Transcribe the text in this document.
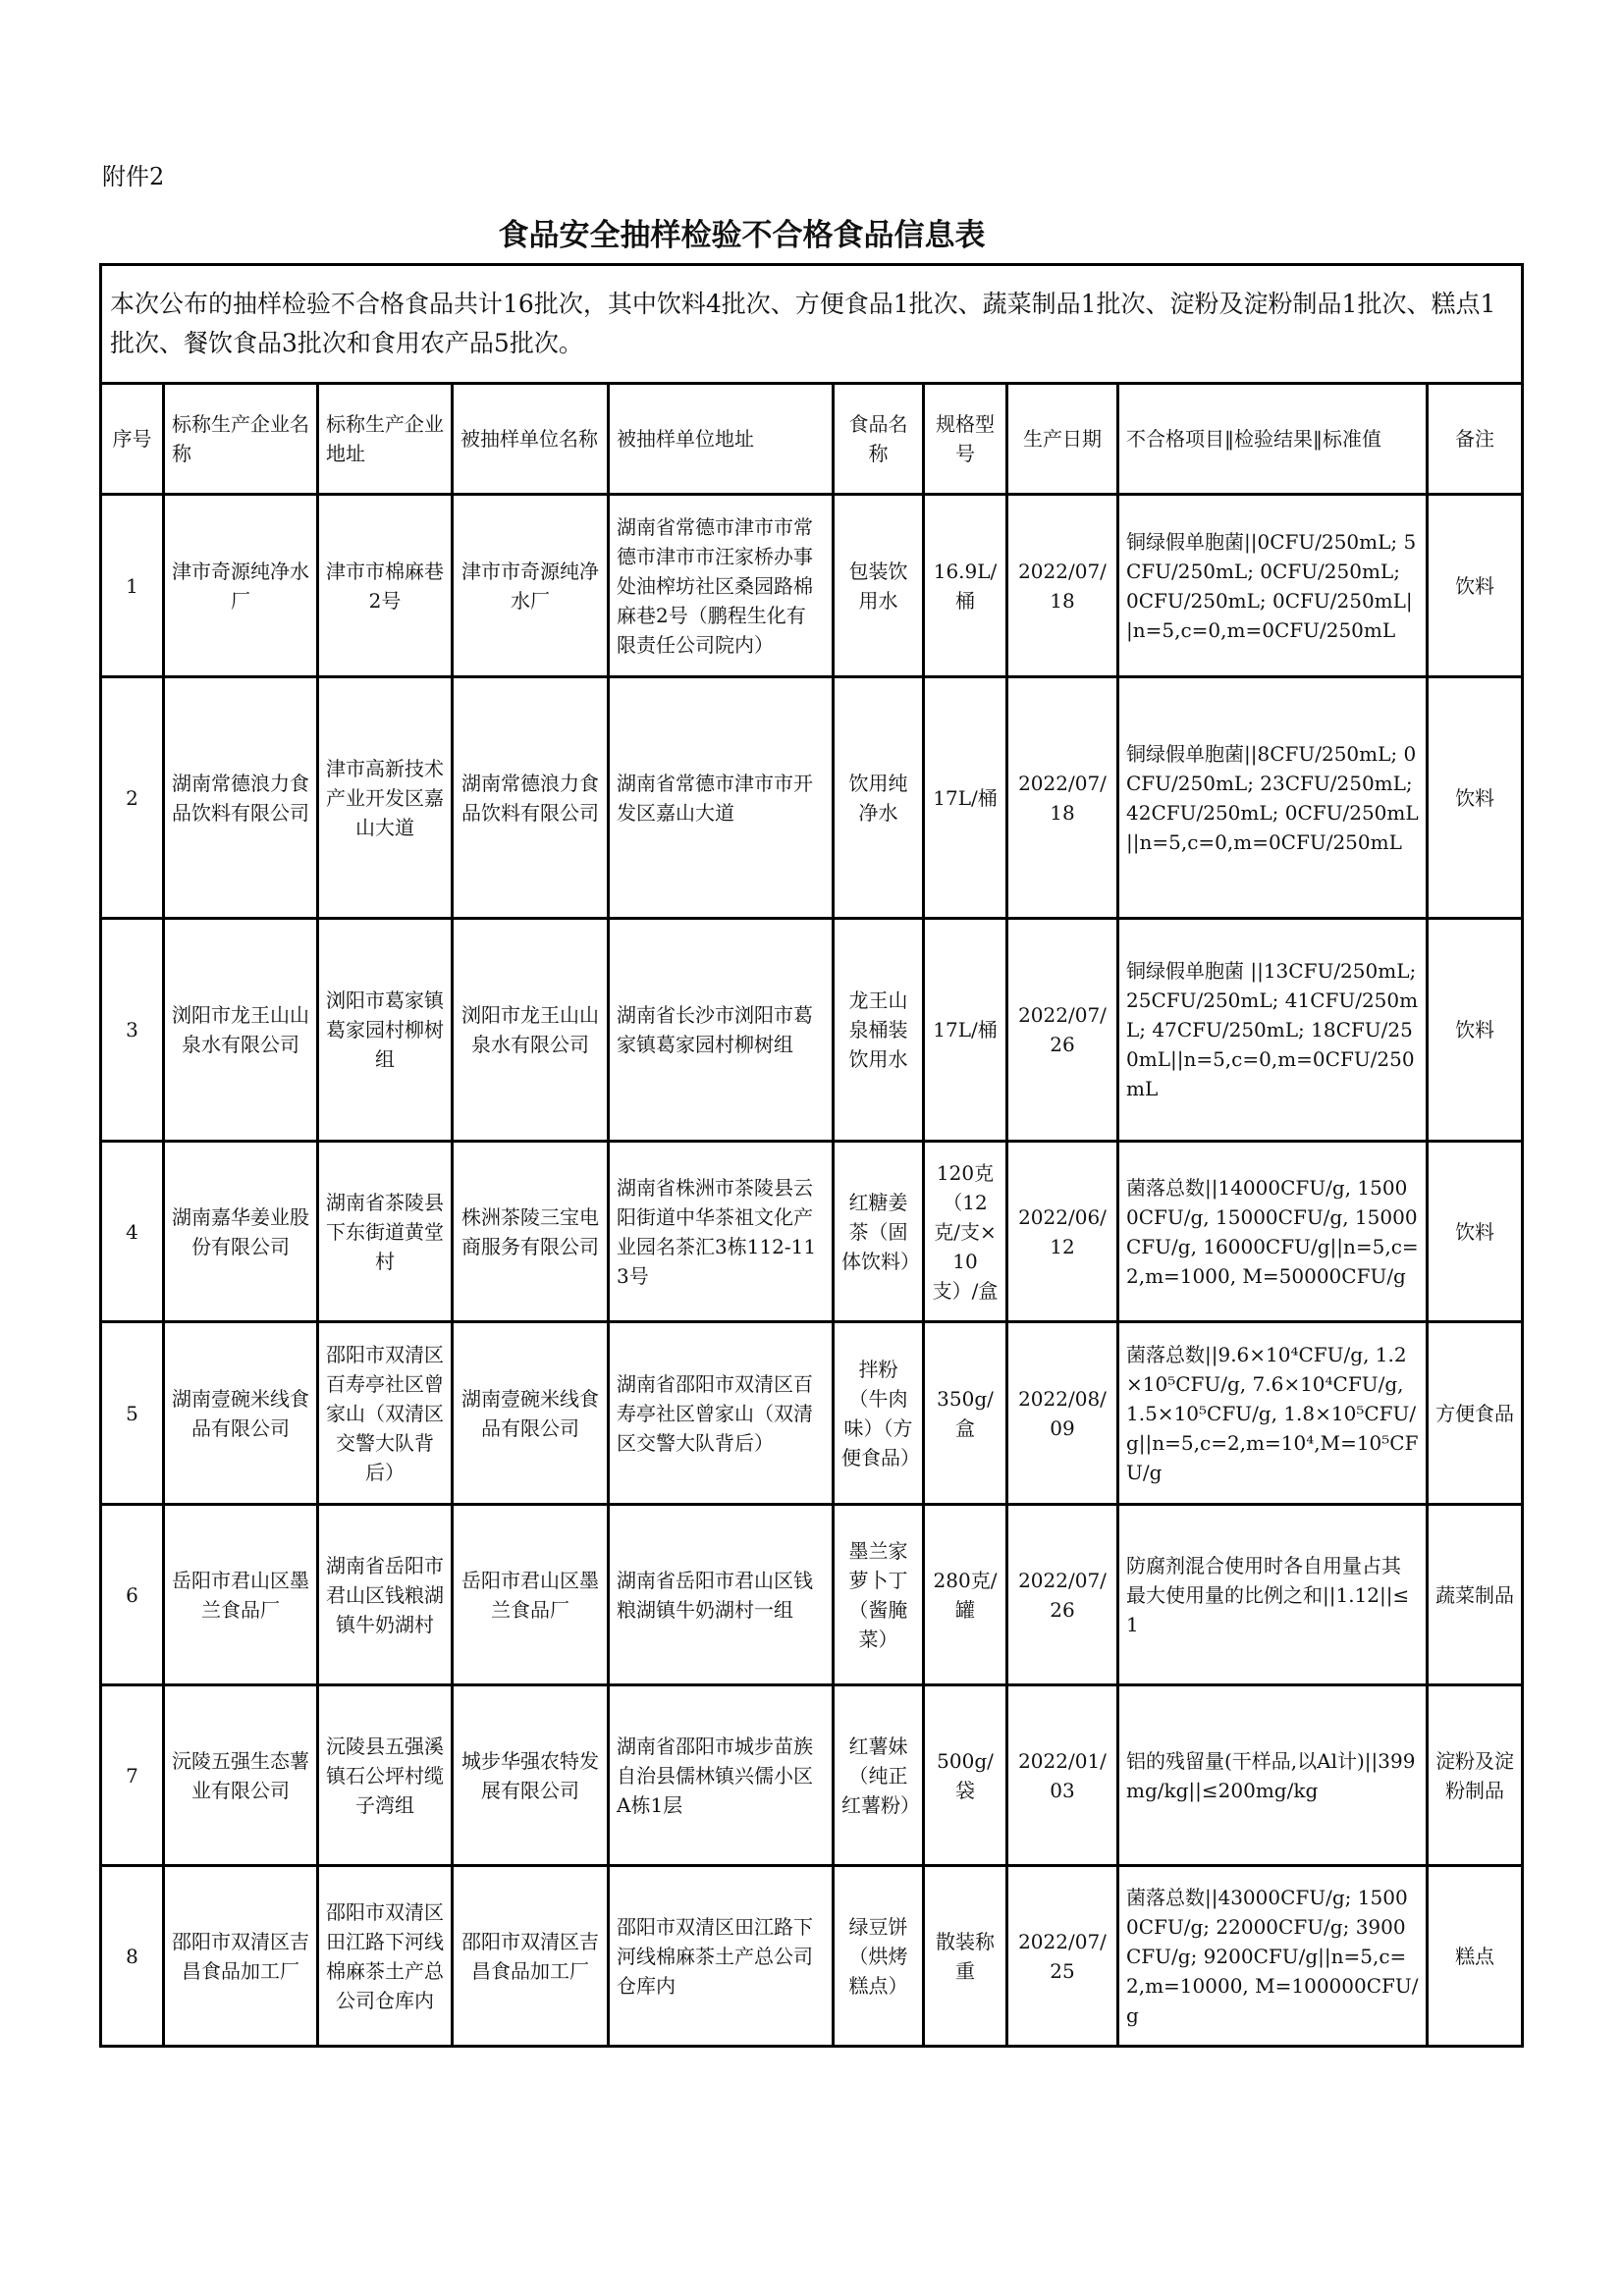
附件2
食品安全抽样检验不合格食品信息表
本次公布的抽样检验不合格食品共计16批次，其中饮料4批次、方便食品1批次、蔬菜制品1批次、淀粉及淀粉制品1批次、糕点1批次、餐饮食品3批次和食用农产品5批次。									
序号	标称生产企业名称	标称生产企业地址	被抽样单位名称	被抽样单位地址	食品名称	规格型号	生产日期	不合格项目‖检验结果‖标准值	备注
1	津市奇源纯净水厂	津市市棉麻巷2号	津市市奇源纯净水厂	湖南省常德市津市市常德市津市市汪家桥办事处油榨坊社区桑园路棉麻巷2号（鹏程生化有限责任公司院内）	包装饮用水	16.9L/桶	2022/07/18	铜绿假单胞菌||0CFU/250mL; 5CFU/250mL; 0CFU/250mL; 0CFU/250mL; 0CFU/250mL||n=5,c=0,m=0CFU/250mL	饮料
2	湖南常德浪力食品饮料有限公司	津市高新技术产业开发区嘉山大道	湖南常德浪力食品饮料有限公司	湖南省常德市津市市开发区嘉山大道	饮用纯净水	17L/桶	2022/07/18	铜绿假单胞菌||8CFU/250mL; 0CFU/250mL; 23CFU/250mL; 42CFU/250mL; 0CFU/250mL||n=5,c=0,m=0CFU/250mL	饮料
3	浏阳市龙王山山泉水有限公司	浏阳市葛家镇葛家园村柳树组	浏阳市龙王山山泉水有限公司	湖南省长沙市浏阳市葛家镇葛家园村柳树组	龙王山泉桶装饮用水	17L/桶	2022/07/26	铜绿假单胞菌 ||13CFU/250mL; 25CFU/250mL; 41CFU/250mL; 47CFU/250mL; 18CFU/250mL||n=5,c=0,m=0CFU/250mL	饮料
4	湖南嘉华姜业股份有限公司	湖南省茶陵县下东街道黄堂村	株洲茶陵三宝电商服务有限公司	湖南省株洲市茶陵县云阳街道中华茶祖文化产业园名茶汇3栋112-113号	红糖姜茶（固体饮料）	120克（12克/支×10支）/盒	2022/06/12	菌落总数||14000CFU/g, 15000CFU/g, 15000CFU/g, 15000CFU/g, 16000CFU/g||n=5,c=2,m=1000, M=50000CFU/g	饮料
5	湖南壹碗米线食品有限公司	邵阳市双清区百寿亭社区曾家山（双清区交警大队背后）	湖南壹碗米线食品有限公司	湖南省邵阳市双清区百寿亭社区曾家山（双清区交警大队背后）	拌粉（牛肉味）（方便食品）	350g/盒	2022/08/09	菌落总数||9.6×10⁴CFU/g, 1.2×10⁵CFU/g, 7.6×10⁴CFU/g, 1.5×10⁵CFU/g, 1.8×10⁵CFU/g||n=5,c=2,m=10⁴,M=10⁵CFU/g	方便食品
6	岳阳市君山区墨兰食品厂	湖南省岳阳市君山区钱粮湖镇牛奶湖村	岳阳市君山区墨兰食品厂	湖南省岳阳市君山区钱粮湖镇牛奶湖村一组	墨兰家萝卜丁（酱腌菜）	280克/罐	2022/07/26	防腐剂混合使用时各自用量占其最大使用量的比例之和||1.12||≤1	蔬菜制品
7	沅陵五强生态薯业有限公司	沅陵县五强溪镇石公坪村缆子湾组	城步华强农特发展有限公司	湖南省邵阳市城步苗族自治县儒林镇兴儒小区A栋1层	红薯妹（纯正红薯粉）	500g/袋	2022/01/03	铝的残留量(干样品,以Al计)||399mg/kg||≤200mg/kg	淀粉及淀粉制品
8	邵阳市双清区吉昌食品加工厂	邵阳市双清区田江路下河线棉麻茶土产总公司仓库内	邵阳市双清区吉昌食品加工厂	邵阳市双清区田江路下河线棉麻茶土产总公司仓库内	绿豆饼（烘烤糕点）	散装称重	2022/07/25	菌落总数||43000CFU/g; 15000CFU/g; 22000CFU/g; 3900CFU/g; 9200CFU/g||n=5,c=2,m=10000, M=100000CFU/g	糕点
